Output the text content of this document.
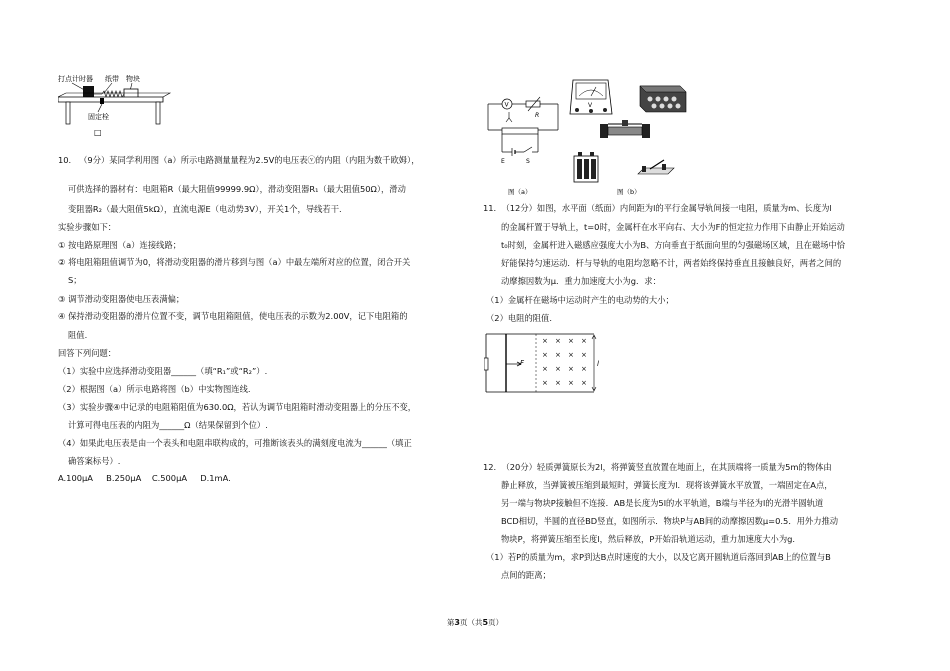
打点计时器 纸带 物块
固定栓
□
10. （9分）某同学利用图（a）所示电路测量量程为2.5V的电压表ⓥ的内阻（内阻为数千欧姆），
可供选择的器材有：电阻箱R（最大阻值99999.9Ω），滑动变阻器R₁（最大阻值50Ω），滑动
变阻器R₂（最大阻值5kΩ），直流电源E（电动势3V），开关1个，导线若干.
实验步骤如下：
① 按电路原理图（a）连接线路；
② 将电阻箱阻值调节为0，将滑动变阻器的滑片移到与图（a）中最左端所对应的位置，闭合开关
S；
③ 调节滑动变阻器使电压表满偏；
④ 保持滑动变阻器的滑片位置不变，调节电阻箱阻值，使电压表的示数为2.00V，记下电阻箱的
阻值.
回答下列问题：
（1）实验中应选择滑动变阻器______（填“R₁”或“R₂”）.
（2）根据图（a）所示电路将图（b）中实物图连线.
（3）实验步骤④中记录的电阻箱阻值为630.0Ω，若认为调节电阻箱时滑动变阻器上的分压不变，
计算可得电压表的内阻为______Ω（结果保留到个位）.
（4）如果此电压表是由一个表头和电阻串联构成的，可推断该表头的满刻度电流为______（填正
确答案标号）.
A.100μA     B.250μA    C.500μA     D.1mA.
V
R
E	S
图（a）
V
图（b）
11. （12分）如图，水平面（纸面）内间距为l的平行金属导轨间接一电阻，质量为m、长度为l
的金属杆置于导轨上，t=0时，金属杆在水平向右、大小为F的恒定拉力作用下由静止开始运动
t₀时刻，金属杆进入磁感应强度大小为B、方向垂直于纸面向里的匀强磁场区域，且在磁场中恰
好能保持匀速运动．杆与导轨的电阻均忽略不计，两者始终保持垂直且接触良好，两者之间的
动摩擦因数为μ．重力加速度大小为g．求：
（1）金属杆在磁场中运动时产生的电动势的大小；
（2）电阻的阻值.
12. （20分）轻质弹簧原长为2l，将弹簧竖直放置在地面上，在其顶端将一质量为5m的物体由
静止释放，当弹簧被压缩到最短时，弹簧长度为l．现将该弹簧水平放置，一端固定在A点，
另一端与物块P接触但不连接．AB是长度为5l的水平轨道，B端与半径为l的光滑半圆轨道
BCD相切，半圆的直径BD竖直，如图所示．物块P与AB间的动摩擦因数μ=0.5．用外力推动
物块P，将弹簧压缩至长度l，然后释放，P开始沿轨道运动，重力加速度大小为g.
（1）若P的质量为m，求P到达B点时速度的大小，以及它离开圆轨道后落回到AB上的位置与B
点间的距离；
F
× × × ×
× × × ×
× × × ×
× × × ×
l
第3页（共5页）
